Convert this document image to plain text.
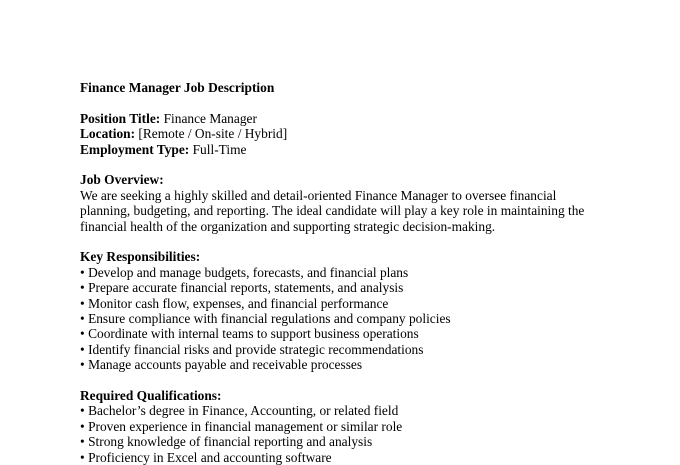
Finance Manager Job Description

Position Title: Finance Manager

Location: [Remote / On-site / Hybrid]

Employment Type: Full-Time

Job Overview:

We are seeking a highly skilled and detail-oriented Finance Manager to oversee financial

planning, budgeting, and reporting. The ideal candidate will play a key role in maintaining the

financial health of the organization and supporting strategic decision-making.

Key Responsibilities:

• Develop and manage budgets, forecasts, and financial plans
• Prepare accurate financial reports, statements, and analysis
• Monitor cash flow, expenses, and financial performance
• Ensure compliance with financial regulations and company policies
• Coordinate with internal teams to support business operations
• Identify financial risks and provide strategic recommendations
• Manage accounts payable and receivable processes

Required Qualifications:

• Bachelor’s degree in Finance, Accounting, or related field
• Proven experience in financial management or similar role
• Strong knowledge of financial reporting and analysis
• Proficiency in Excel and accounting software
